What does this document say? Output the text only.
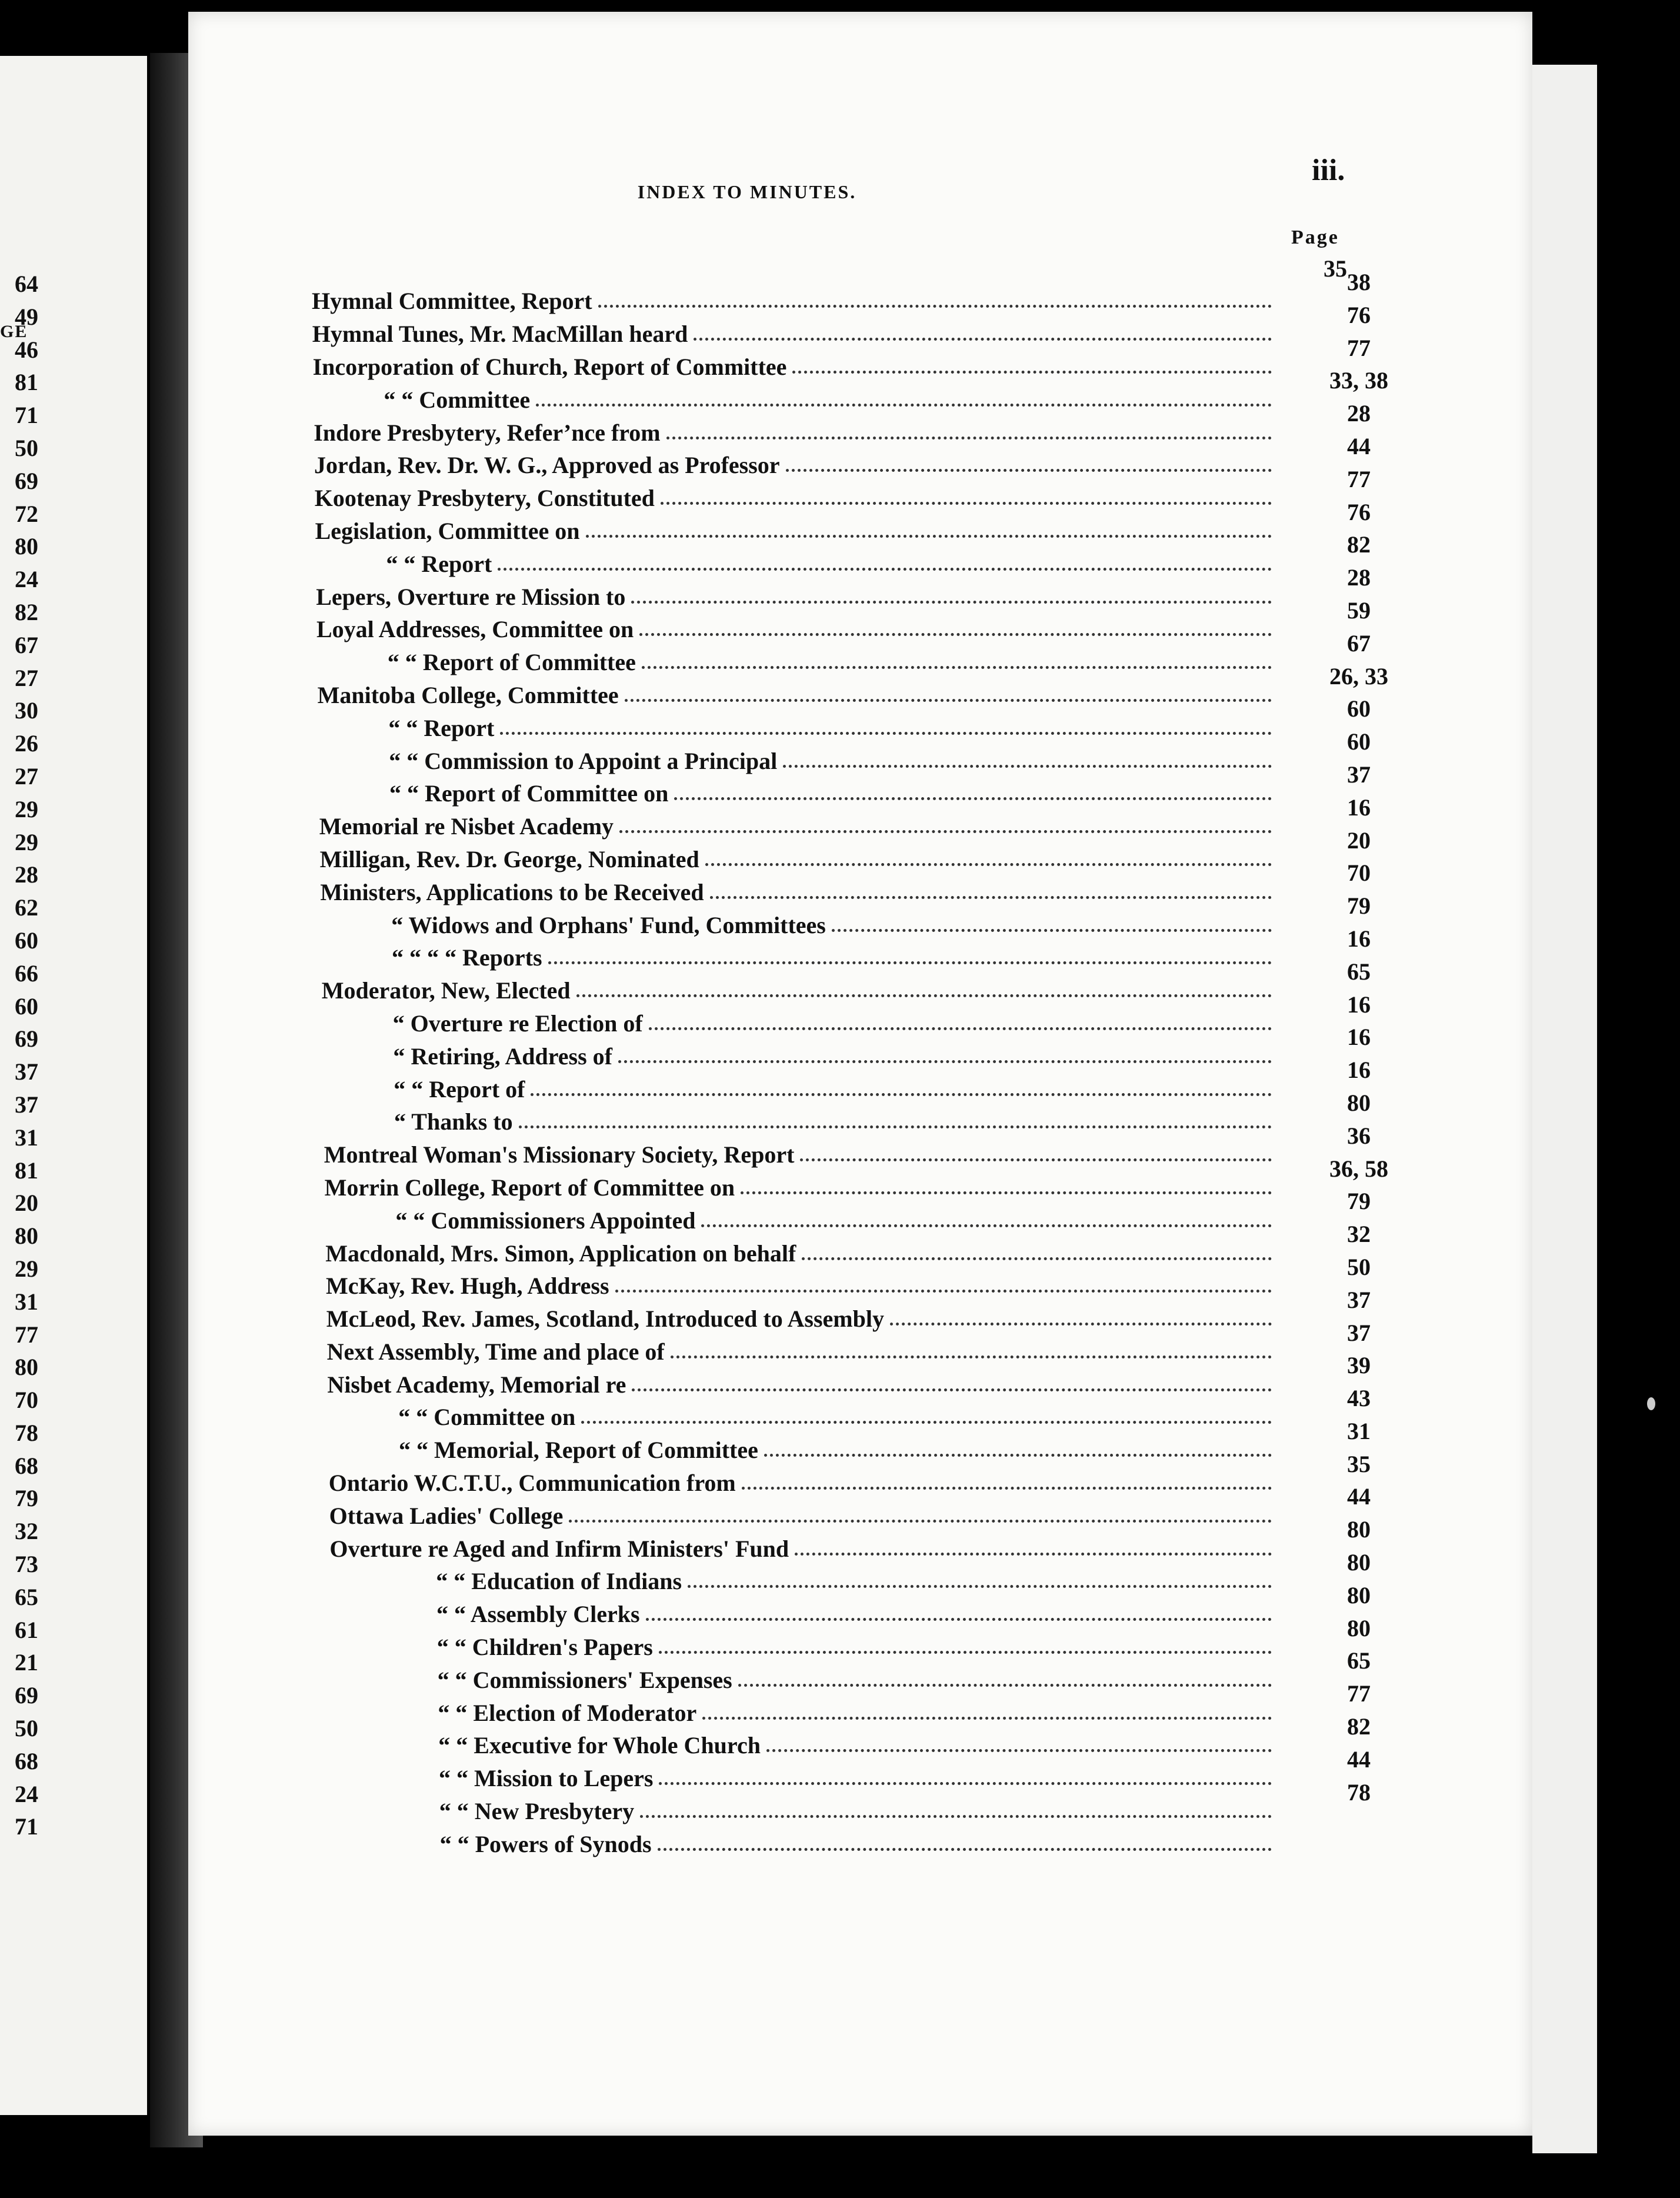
GE
64
49
46
81
71
50
69
72
80
24
82
67
27
30
26
27
29
29
28
62
60
66
60
69
37
37
31
81
20
80
29
31
77
80
70
78
68
79
32
73
65
61
21
69
50
68
24
71
INDEX TO MINUTES.
iii.
Page
35
Hymnal Committee, Report
38
Hymnal Tunes, Mr. MacMillan heard
76
Incorporation of Church, Report of Committee
77
“ “ Committee
33, 38
Indore Presbytery, Refer’nce from
28
Jordan, Rev. Dr. W. G., Approved as Professor
44
Kootenay Presbytery, Constituted
77
Legislation, Committee on
76
“ “ Report
82
Lepers, Overture re Mission to
28
Loyal Addresses, Committee on
59
“ “ Report of Committee
67
Manitoba College, Committee
26, 33
“ “ Report
60
“ “ Commission to Appoint a Principal
60
“ “ Report of Committee on
37
Memorial re Nisbet Academy
16
Milligan, Rev. Dr. George, Nominated
20
Ministers, Applications to be Received
70
“ Widows and Orphans' Fund, Committees
79
“ “ “ “ Reports
16
Moderator, New, Elected
65
“ Overture re Election of
16
“ Retiring, Address of
16
“ “ Report of
16
“ Thanks to
80
Montreal Woman's Missionary Society, Report
36
Morrin College, Report of Committee on
36, 58
“ “ Commissioners Appointed
79
Macdonald, Mrs. Simon, Application on behalf
32
McKay, Rev. Hugh, Address
50
McLeod, Rev. James, Scotland, Introduced to Assembly
37
Next Assembly, Time and place of
37
Nisbet Academy, Memorial re
39
“ “ Committee on
43
“ “ Memorial, Report of Committee
31
Ontario W.C.T.U., Communication from
35
Ottawa Ladies' College
44
Overture re Aged and Infirm Ministers' Fund
80
“ “ Education of Indians
80
“ “ Assembly Clerks
80
“ “ Children's Papers
80
“ “ Commissioners' Expenses
65
“ “ Election of Moderator
77
“ “ Executive for Whole Church
82
“ “ Mission to Lepers
44
“ “ New Presbytery
78
“ “ Powers of Synods
